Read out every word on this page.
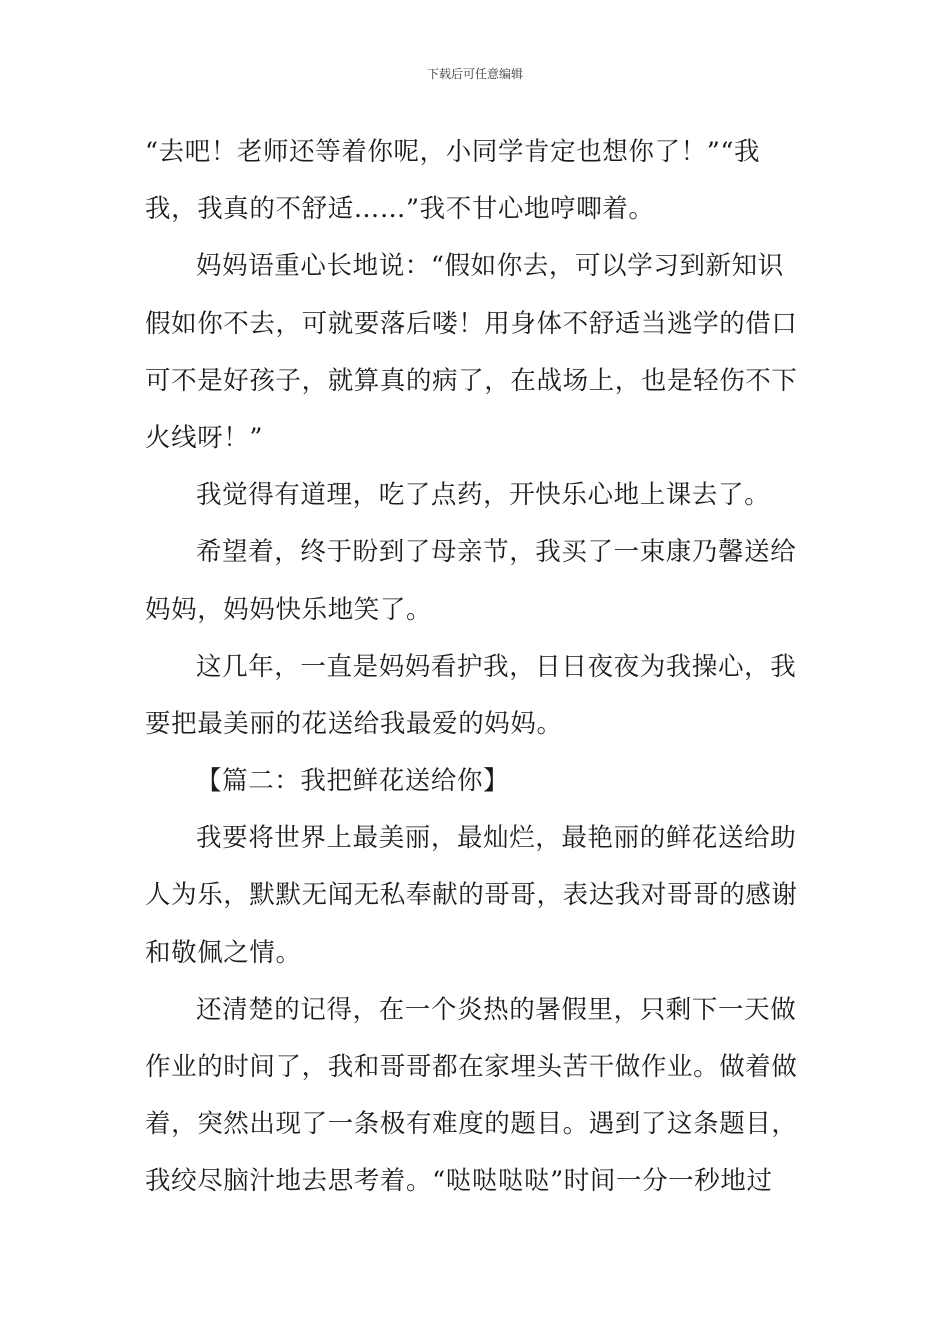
下载后可任意编辑
“去吧！老师还等着你呢，小同学肯定也想你了！”“我
我，我真的不舒适……”我不甘心地哼唧着。
妈妈语重心长地说：“假如你去，可以学习到新知识
假如你不去，可就要落后喽！用身体不舒适当逃学的借口
可不是好孩子，就算真的病了，在战场上，也是轻伤不下
火线呀！”
我觉得有道理，吃了点药，开快乐心地上课去了。
希望着，终于盼到了母亲节，我买了一束康乃馨送给
妈妈，妈妈快乐地笑了。
这几年，一直是妈妈看护我，日日夜夜为我操心，我
要把最美丽的花送给我最爱的妈妈。
【篇二：我把鲜花送给你】
我要将世界上最美丽，最灿烂，最艳丽的鲜花送给助
人为乐，默默无闻无私奉献的哥哥，表达我对哥哥的感谢
和敬佩之情。
还清楚的记得，在一个炎热的暑假里，只剩下一天做
作业的时间了，我和哥哥都在家埋头苦干做作业。做着做
着，突然出现了一条极有难度的题目。遇到了这条题目，
我绞尽脑汁地去思考着。“哒哒哒哒”时间一分一秒地过
